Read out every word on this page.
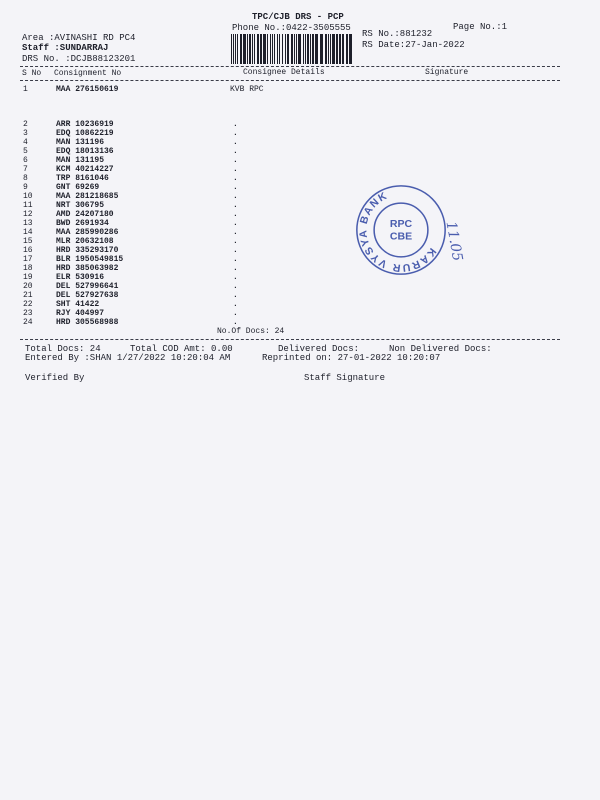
TPC/CJB DRS - PCP
Phone No.:0422-3505555	Page No.:1
Area :AVINASHI RD PC4
Staff :SUNDARRAJ
DRS No. :DCJB88123201
RS No.:881232
RS Date:27-Jan-2022
S No Consignment No	Consignee Details	Signature
1	MAA 276150619	KVB RPC
2	ARR 10236919	.
3	EDQ 10862219	.
4	MAN 131196	.
5	EDQ 18013136	.
6	MAN 131195	.
7	KCM 40214227	.
8	TRP 8161046	.
9	GNT 69269	.
10	MAA 281218685	.
11	NRT 306795	.
12	AMD 24207180	.
13	BWD 2691934	.
14	MAA 285990286	.
15	MLR 20632108	.
16	HRD 335293170	.
17	BLR 1950549815	.
18	HRD 385063982	.
19	ELR 530916	.
20	DEL 527996641	.
21	DEL 527927638	.
22	SHT 41422	.
23	RJY 404997	.
24	HRD 305568988	.
No.Of Docs: 24
KARUR VYSYA BANK
RPC
CBE 11.05
Total Docs: 24	Total COD Amt: 0.00	Delivered Docs:	Non Delivered Docs:
Entered By :SHAN 1/27/2022 10:20:04 AM	Reprinted on: 27-01-2022 10:20:07
Verified By	Staff Signature
